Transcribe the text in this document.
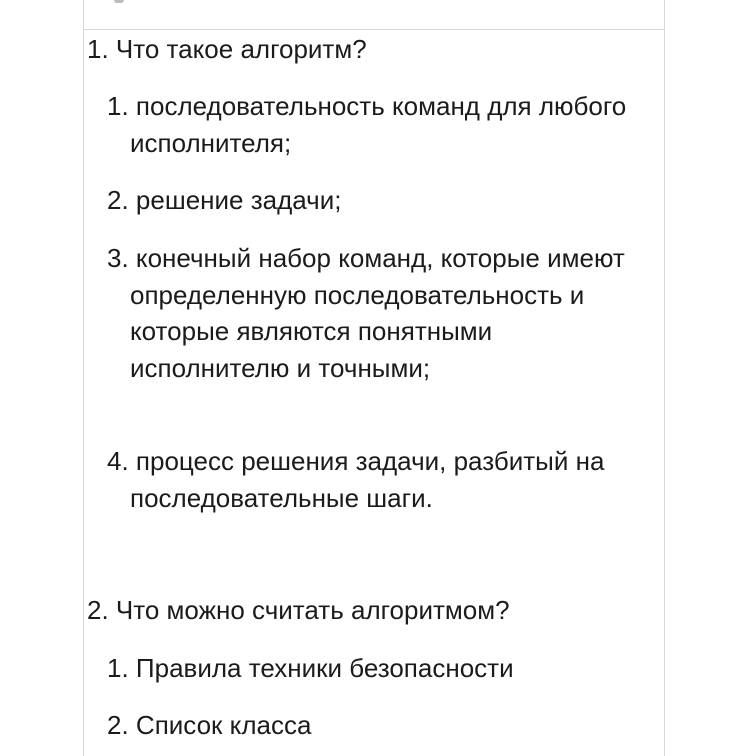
1. Что такое алгоритм?
1. последовательность команд для любого исполнителя;
2. решение задачи;
3. конечный набор команд, которые имеют определенную последовательность и которые являются понятными исполнителю и точными;
4. процесс решения задачи, разбитый на последовательные шаги.
2. Что можно считать алгоритмом?
1. Правила техники безопасности
2. Список класса
